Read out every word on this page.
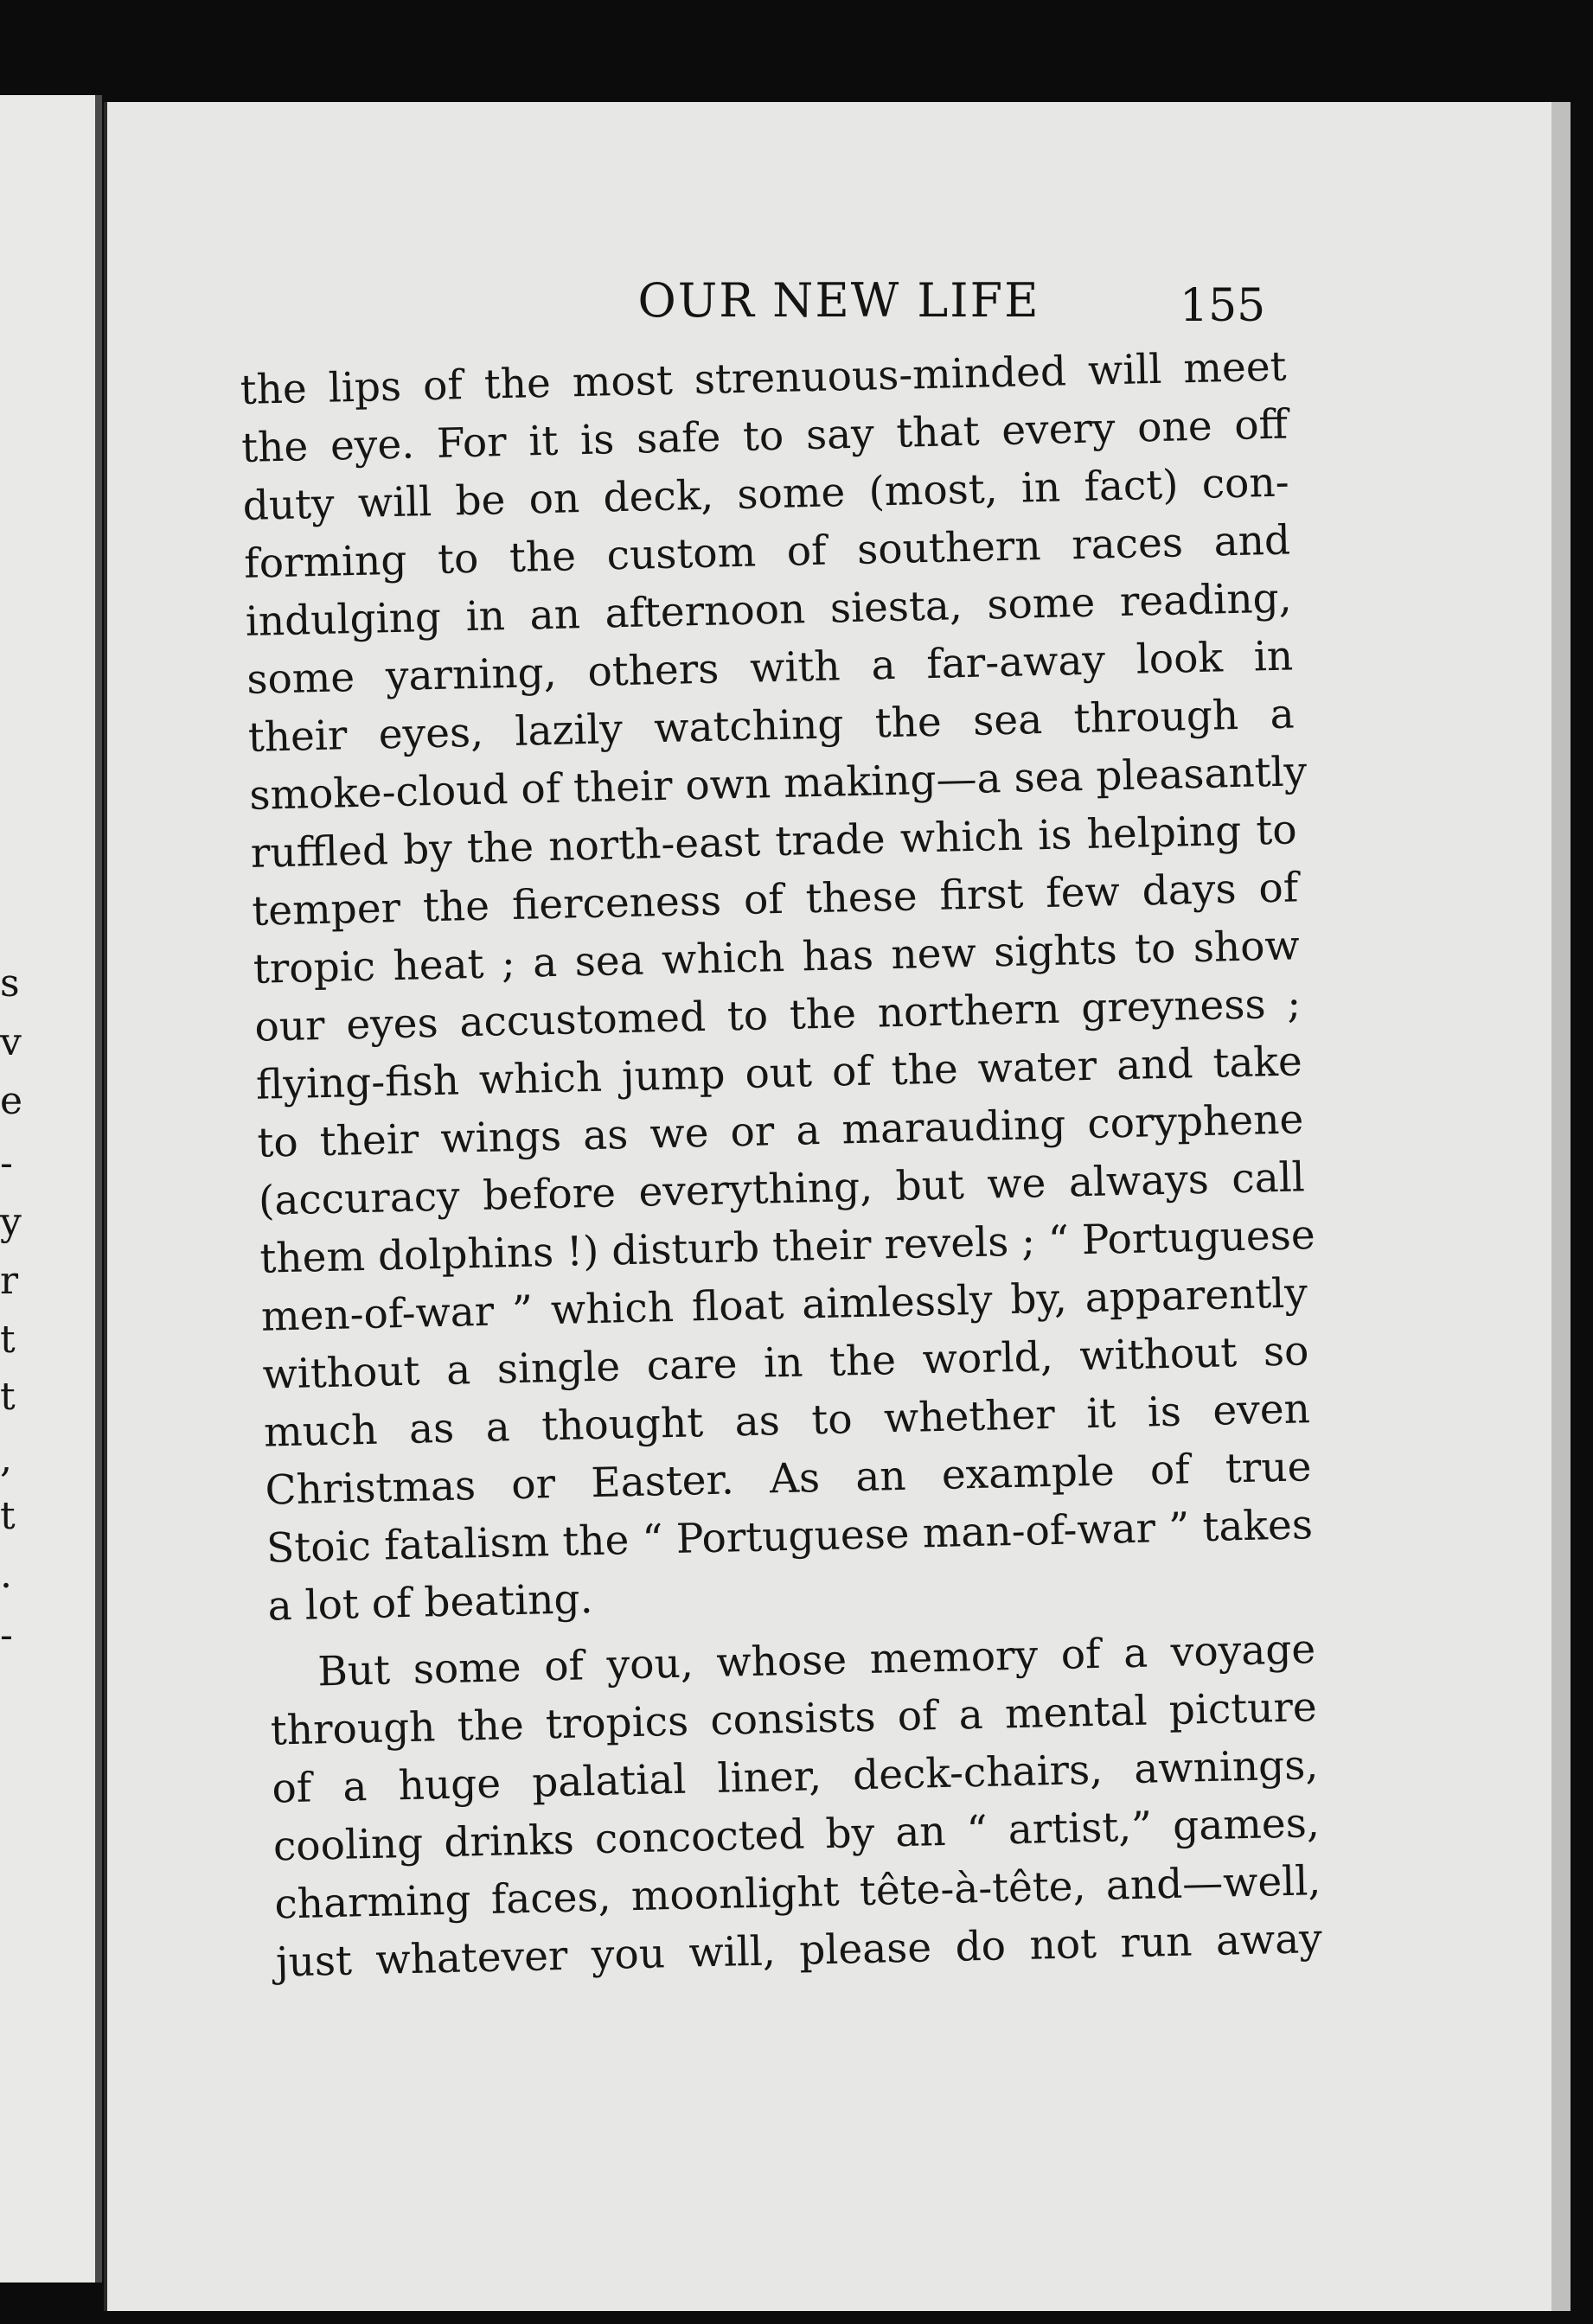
s
v
e
-
y
r
t
t
,
t
.
-
OUR NEW LIFE	155
the lips of the most strenuous-minded will meet
the eye. For it is safe to say that every one off
duty will be on deck, some (most, in fact) con-
forming to the custom of southern races and
indulging in an afternoon siesta, some reading,
some yarning, others with a far-away look in
their eyes, lazily watching the sea through a
smoke-cloud of their own making—a sea pleasantly
ruffled by the north-east trade which is helping to
temper the fierceness of these first few days of
tropic heat ; a sea which has new sights to show
our eyes accustomed to the northern greyness ;
flying-fish which jump out of the water and take
to their wings as we or a marauding coryphene
(accuracy before everything, but we always call
them dolphins !) disturb their revels ; “ Portuguese
men-of-war ” which float aimlessly by, apparently
without a single care in the world, without so
much as a thought as to whether it is even
Christmas or Easter. As an example of true
Stoic fatalism the “ Portuguese man-of-war ” takes
a lot of beating.
But some of you, whose memory of a voyage
through the tropics consists of a mental picture
of a huge palatial liner, deck-chairs, awnings,
cooling drinks concocted by an “ artist,” games,
charming faces, moonlight tête-à-tête, and—well,
just whatever you will, please do not run away
